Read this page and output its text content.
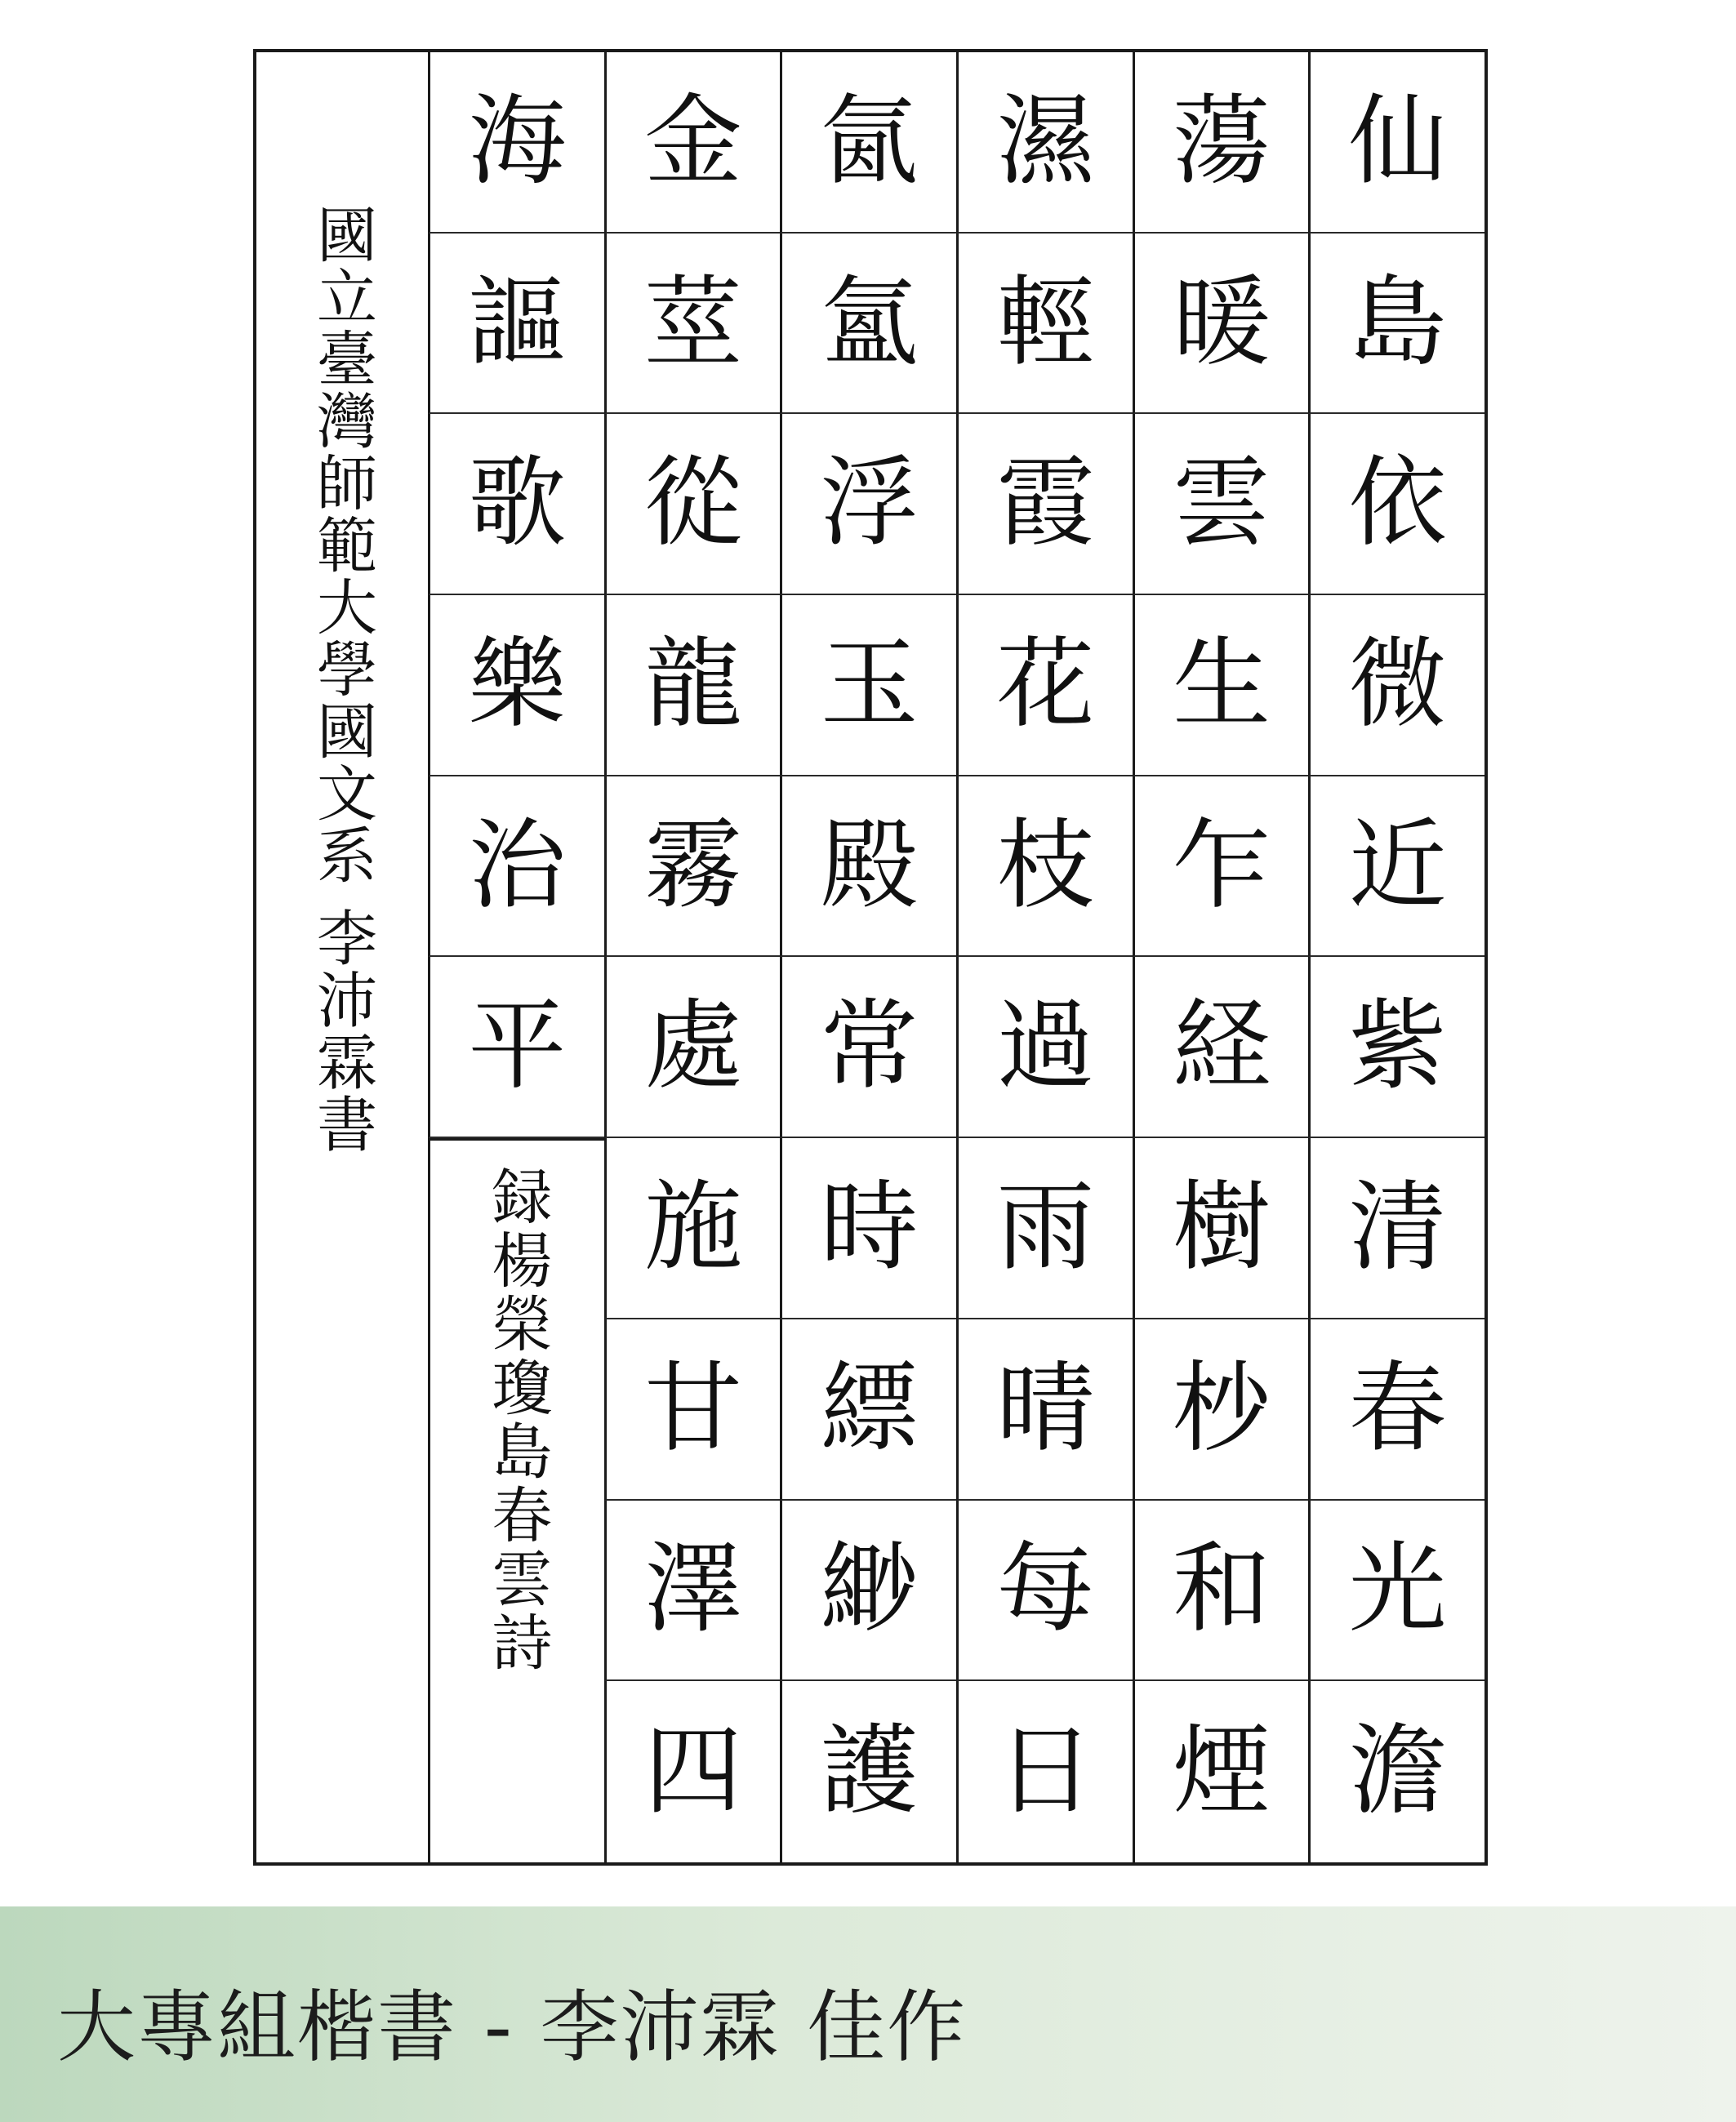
國立臺灣師範大學國文系 李沛霖書
録楊榮瓊島春雲詩
仙
島
依
微
近
紫
清
春
光
澹
蕩
暖
雲
生
乍
経
樹
杪
和
煙
濕
輕
霞
花
枝
過
雨
晴
每
日
氤
氳
浮
玉
殿
常
時
縹
緲
護
金
莖
從
龍
霧
處
施
甘
澤
四
海
謳
歌
樂
治
平
大專組楷書 - 李沛霖 佳作
